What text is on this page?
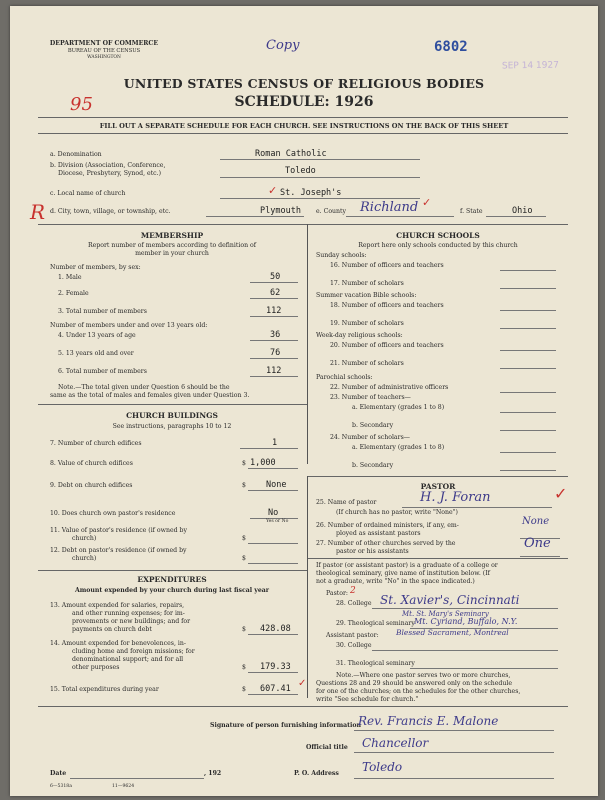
DEPARTMENT OF COMMERCE
BUREAU OF THE CENSUS
WASHINGTON
Copy	6802
SEP 14 1927
UNITED STATES CENSUS OF RELIGIOUS BODIES
SCHEDULE: 1926
95
FILL OUT A SEPARATE SCHEDULE FOR EACH CHURCH. SEE INSTRUCTIONS ON THE BACK OF THIS SHEET
a. Denomination	Roman Catholic
b. Division (Association, Conference,
Diocese, Presbytery, Synod, etc.)	Toledo
c. Local name of church	St. Joseph's
✓
R d. City, town, village, or township, etc.	Plymouth e. County Richland ✓
f. State	Ohio
MEMBERSHIP
Report number of members according to definition of
member in your church
Number of members, by sex:
1. Male	50
2. Female	62
3. Total number of members	112
Number of members under and over 13 years old:
4. Under 13 years of age	36
5. 13 years old and over	76
6. Total number of members	112
Note.—The total given under Question 6 should be the
same as the total of males and females given under Question 3.
CHURCH BUILDINGS
See instructions, paragraphs 10 to 12
7. Number of church edifices	1
8. Value of church edifices	$ 1,000
9. Debt on church edifices	$ None
10. Does church own pastor's residence	No
Yes or No
11. Value of pastor's residence (if owned by
church)	$
12. Debt on pastor's residence (if owned by
church)	$
EXPENDITURES
Amount expended by your church during last fiscal year
13. Amount expended for salaries, repairs,
and other running expenses; for im-
provements or new buildings; and for
payments on church debt	$ 428.08
14. Amount expended for benevolences, in-
cluding home and foreign missions; for
denominational support; and for all
other purposes	$ 179.33
15. Total expenditures during year	$ 607.41 ✓
CHURCH SCHOOLS
Report here only schools conducted by this church
Sunday schools:
16. Number of officers and teachers
17. Number of scholars
Summer vacation Bible schools:
18. Number of officers and teachers
19. Number of scholars
Week-day religious schools:
20. Number of officers and teachers
21. Number of scholars
Parochial schools:
22. Number of administrative officers
23. Number of teachers—
a. Elementary (grades 1 to 8)
b. Secondary
24. Number of scholars—
a. Elementary (grades 1 to 8)
b. Secondary
PASTOR
25. Name of pastor	H. J. Foran	✓
(If church has no pastor, write "None")
26. Number of ordained ministers, if any, em-
ployed as assistant pastors
None
27. Number of other churches served by the
pastor or his assistants
One
If pastor (or assistant pastor) is a graduate of a college or
theological seminary, give name of institution below. (If
not a graduate, write "No" in the space indicated.)
Pastor: 2
28. College St. Xavier's, Cincinnati
Mt. St. Mary's Seminary
29. Theological seminary Mt. Cyriand, Buffalo, N.Y.
Assistant pastor: Blessed Sacrament, Montreal
30. College
31. Theological seminary
Note.—Where one pastor serves two or more churches,
Questions 28 and 29 should be answered only on the schedule
for one of the churches; on the schedules for the other churches,
write "See schedule for church."
Signature of person furnishing information
Rev. Francis E. Malone
Official title Chancellor
Date	, 192	P. O. Address Toledo
6—5318a	11—9624
